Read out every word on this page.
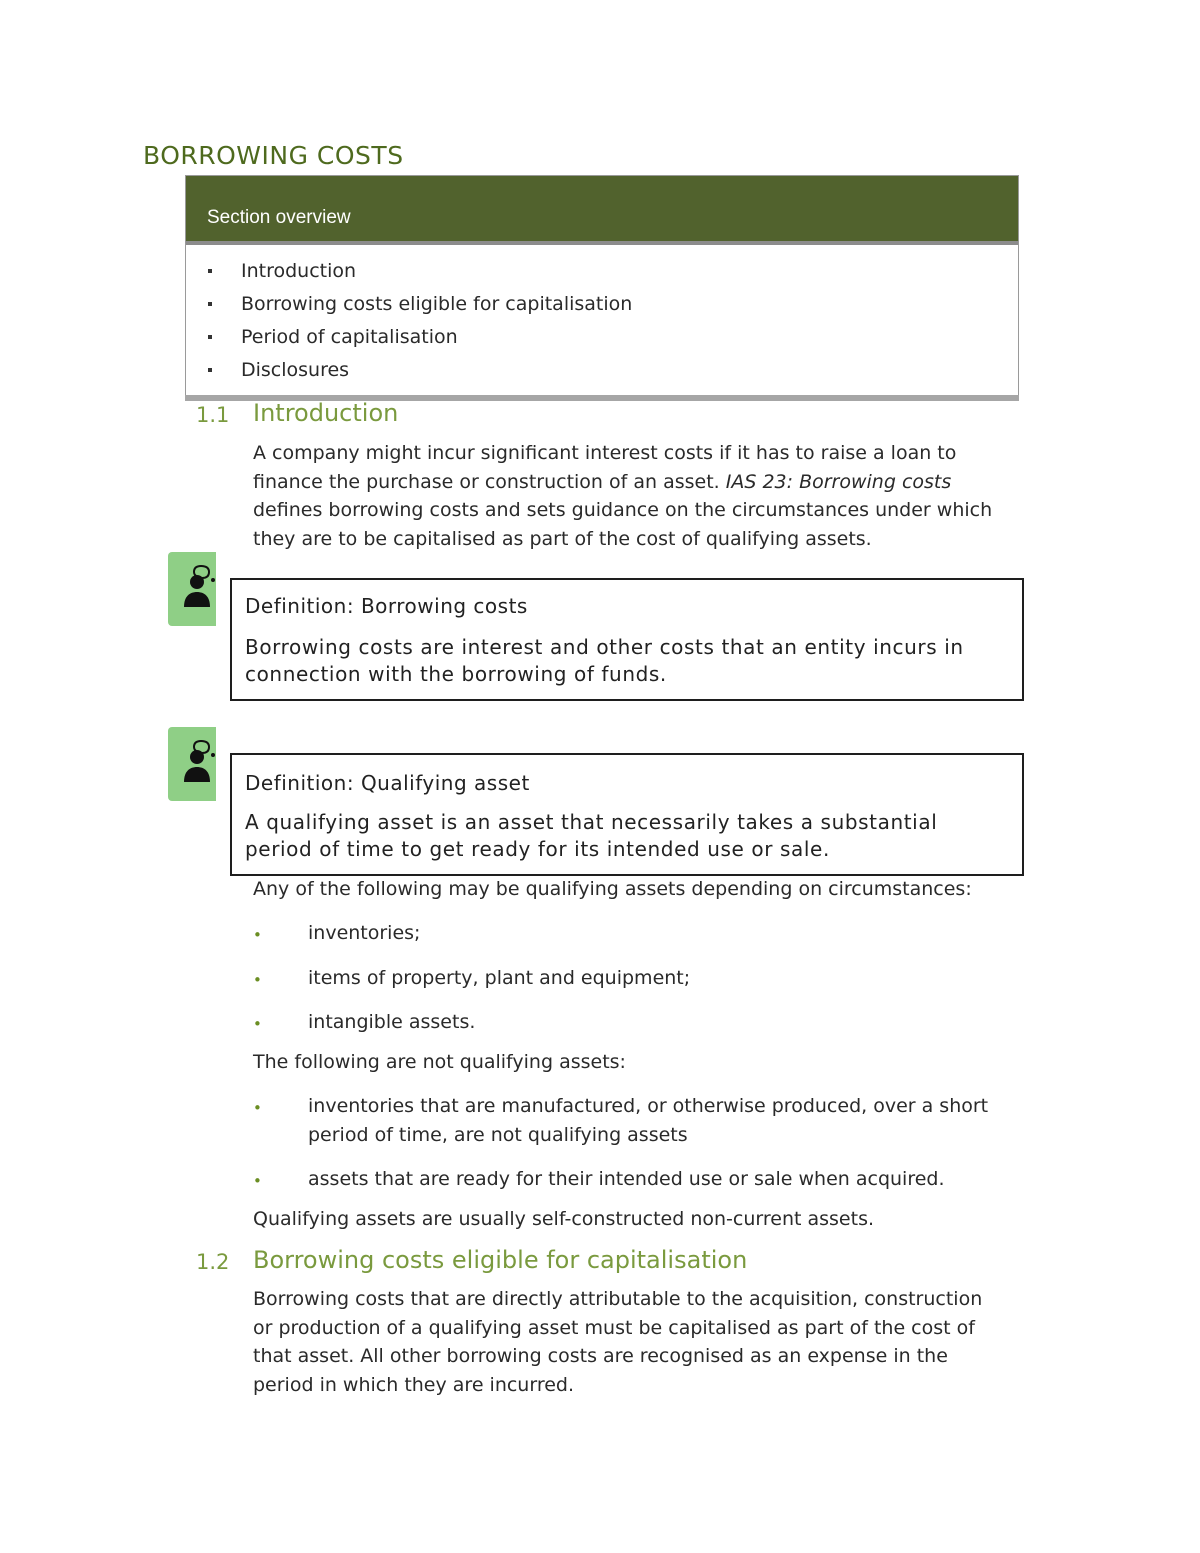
BORROWING COSTS
Section overview
Introduction
Borrowing costs eligible for capitalisation
Period of capitalisation
Disclosures
1.1 Introduction
A company might incur significant interest costs if it has to raise a loan to finance the purchase or construction of an asset. IAS 23: Borrowing costs defines borrowing costs and sets guidance on the circumstances under which they are to be capitalised as part of the cost of qualifying assets.
Definition: Borrowing costs
Borrowing costs are interest and other costs that an entity incurs in connection with the borrowing of funds.
Definition: Qualifying asset
A qualifying asset is an asset that necessarily takes a substantial period of time to get ready for its intended use or sale.
Any of the following may be qualifying assets depending on circumstances:
• inventories;
• items of property, plant and equipment;
• intangible assets.
The following are not qualifying assets:
• inventories that are manufactured, or otherwise produced, over a short period of time, are not qualifying assets
• assets that are ready for their intended use or sale when acquired.
Qualifying assets are usually self-constructed non-current assets.
1.2 Borrowing costs eligible for capitalisation
Borrowing costs that are directly attributable to the acquisition, construction or production of a qualifying asset must be capitalised as part of the cost of that asset. All other borrowing costs are recognised as an expense in the period in which they are incurred.
